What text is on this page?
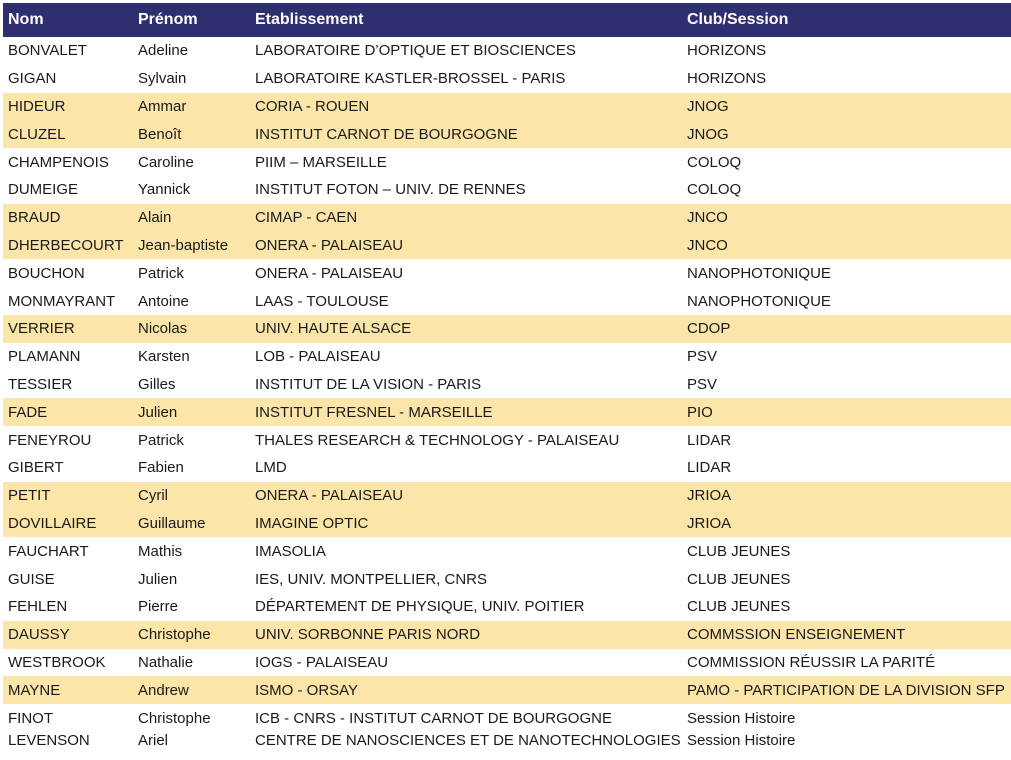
Nom	Prénom	Etablissement	Club/Session
BONVALET	Adeline	LABORATOIRE D’OPTIQUE ET BIOSCIENCES	HORIZONS
GIGAN	Sylvain	LABORATOIRE KASTLER-BROSSEL - PARIS	HORIZONS
HIDEUR	Ammar	CORIA - ROUEN	JNOG
CLUZEL	Benoît	INSTITUT CARNOT DE BOURGOGNE	JNOG
CHAMPENOIS	Caroline	PIIM – MARSEILLE	COLOQ
DUMEIGE	Yannick	INSTITUT FOTON – UNIV. DE RENNES	COLOQ
BRAUD	Alain	CIMAP - CAEN	JNCO
DHERBECOURT	Jean-baptiste	ONERA - PALAISEAU	JNCO
BOUCHON	Patrick	ONERA - PALAISEAU	NANOPHOTONIQUE
MONMAYRANT	Antoine	LAAS - TOULOUSE	NANOPHOTONIQUE
VERRIER	Nicolas	UNIV. HAUTE ALSACE	CDOP
PLAMANN	Karsten	LOB - PALAISEAU	PSV
TESSIER	Gilles	INSTITUT DE LA VISION - PARIS	PSV
FADE	Julien	INSTITUT FRESNEL - MARSEILLE	PIO
FENEYROU	Patrick	THALES RESEARCH & TECHNOLOGY - PALAISEAU	LIDAR
GIBERT	Fabien	LMD	LIDAR
PETIT	Cyril	ONERA - PALAISEAU	JRIOA
DOVILLAIRE	Guillaume	IMAGINE OPTIC	JRIOA
FAUCHART	Mathis	IMASOLIA	CLUB JEUNES
GUISE	Julien	IES, UNIV. MONTPELLIER, CNRS	CLUB JEUNES
FEHLEN	Pierre	DÉPARTEMENT DE PHYSIQUE, UNIV. POITIER	CLUB JEUNES
DAUSSY	Christophe	UNIV. SORBONNE PARIS NORD	COMMSSION ENSEIGNEMENT
WESTBROOK	Nathalie	IOGS - PALAISEAU	COMMISSION RÉUSSIR LA PARITÉ
MAYNE	Andrew	ISMO - ORSAY	PAMO - PARTICIPATION DE LA DIVISION SFP
FINOT	Christophe	ICB - CNRS - INSTITUT CARNOT DE BOURGOGNE	Session Histoire
LEVENSON	Ariel	CENTRE DE NANOSCIENCES ET DE NANOTECHNOLOGIES	Session Histoire
